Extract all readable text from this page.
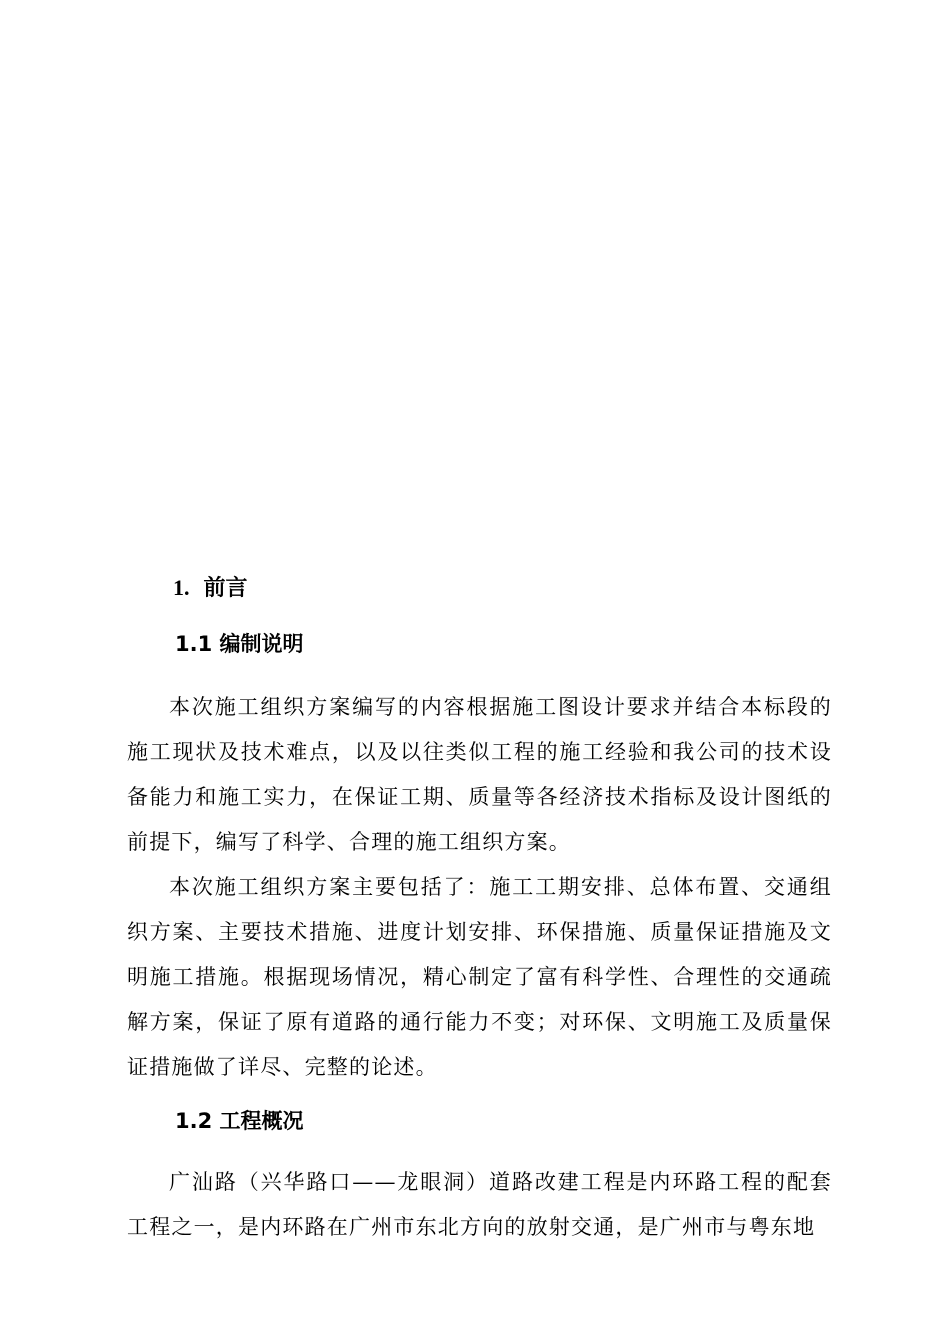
1. 前言
1.1 编制说明

本次施工组织方案编写的内容根据施工图设计要求并结合本标段的施工现状及技术难点，以及以往类似工程的施工经验和我公司的技术设备能力和施工实力，在保证工期、质量等各经济技术指标及设计图纸的前提下，编写了科学、合理的施工组织方案。

本次施工组织方案主要包括了：施工工期安排、总体布置、交通组织方案、主要技术措施、进度计划安排、环保措施、质量保证措施及文明施工措施。根据现场情况，精心制定了富有科学性、合理性的交通疏解方案，保证了原有道路的通行能力不变；对环保、文明施工及质量保证措施做了详尽、完整的论述。

1.2 工程概况

广汕路（兴华路口——龙眼洞）道路改建工程是内环路工程的配套工程之一，是内环路在广州市东北方向的放射交通，是广州市与粤东地
